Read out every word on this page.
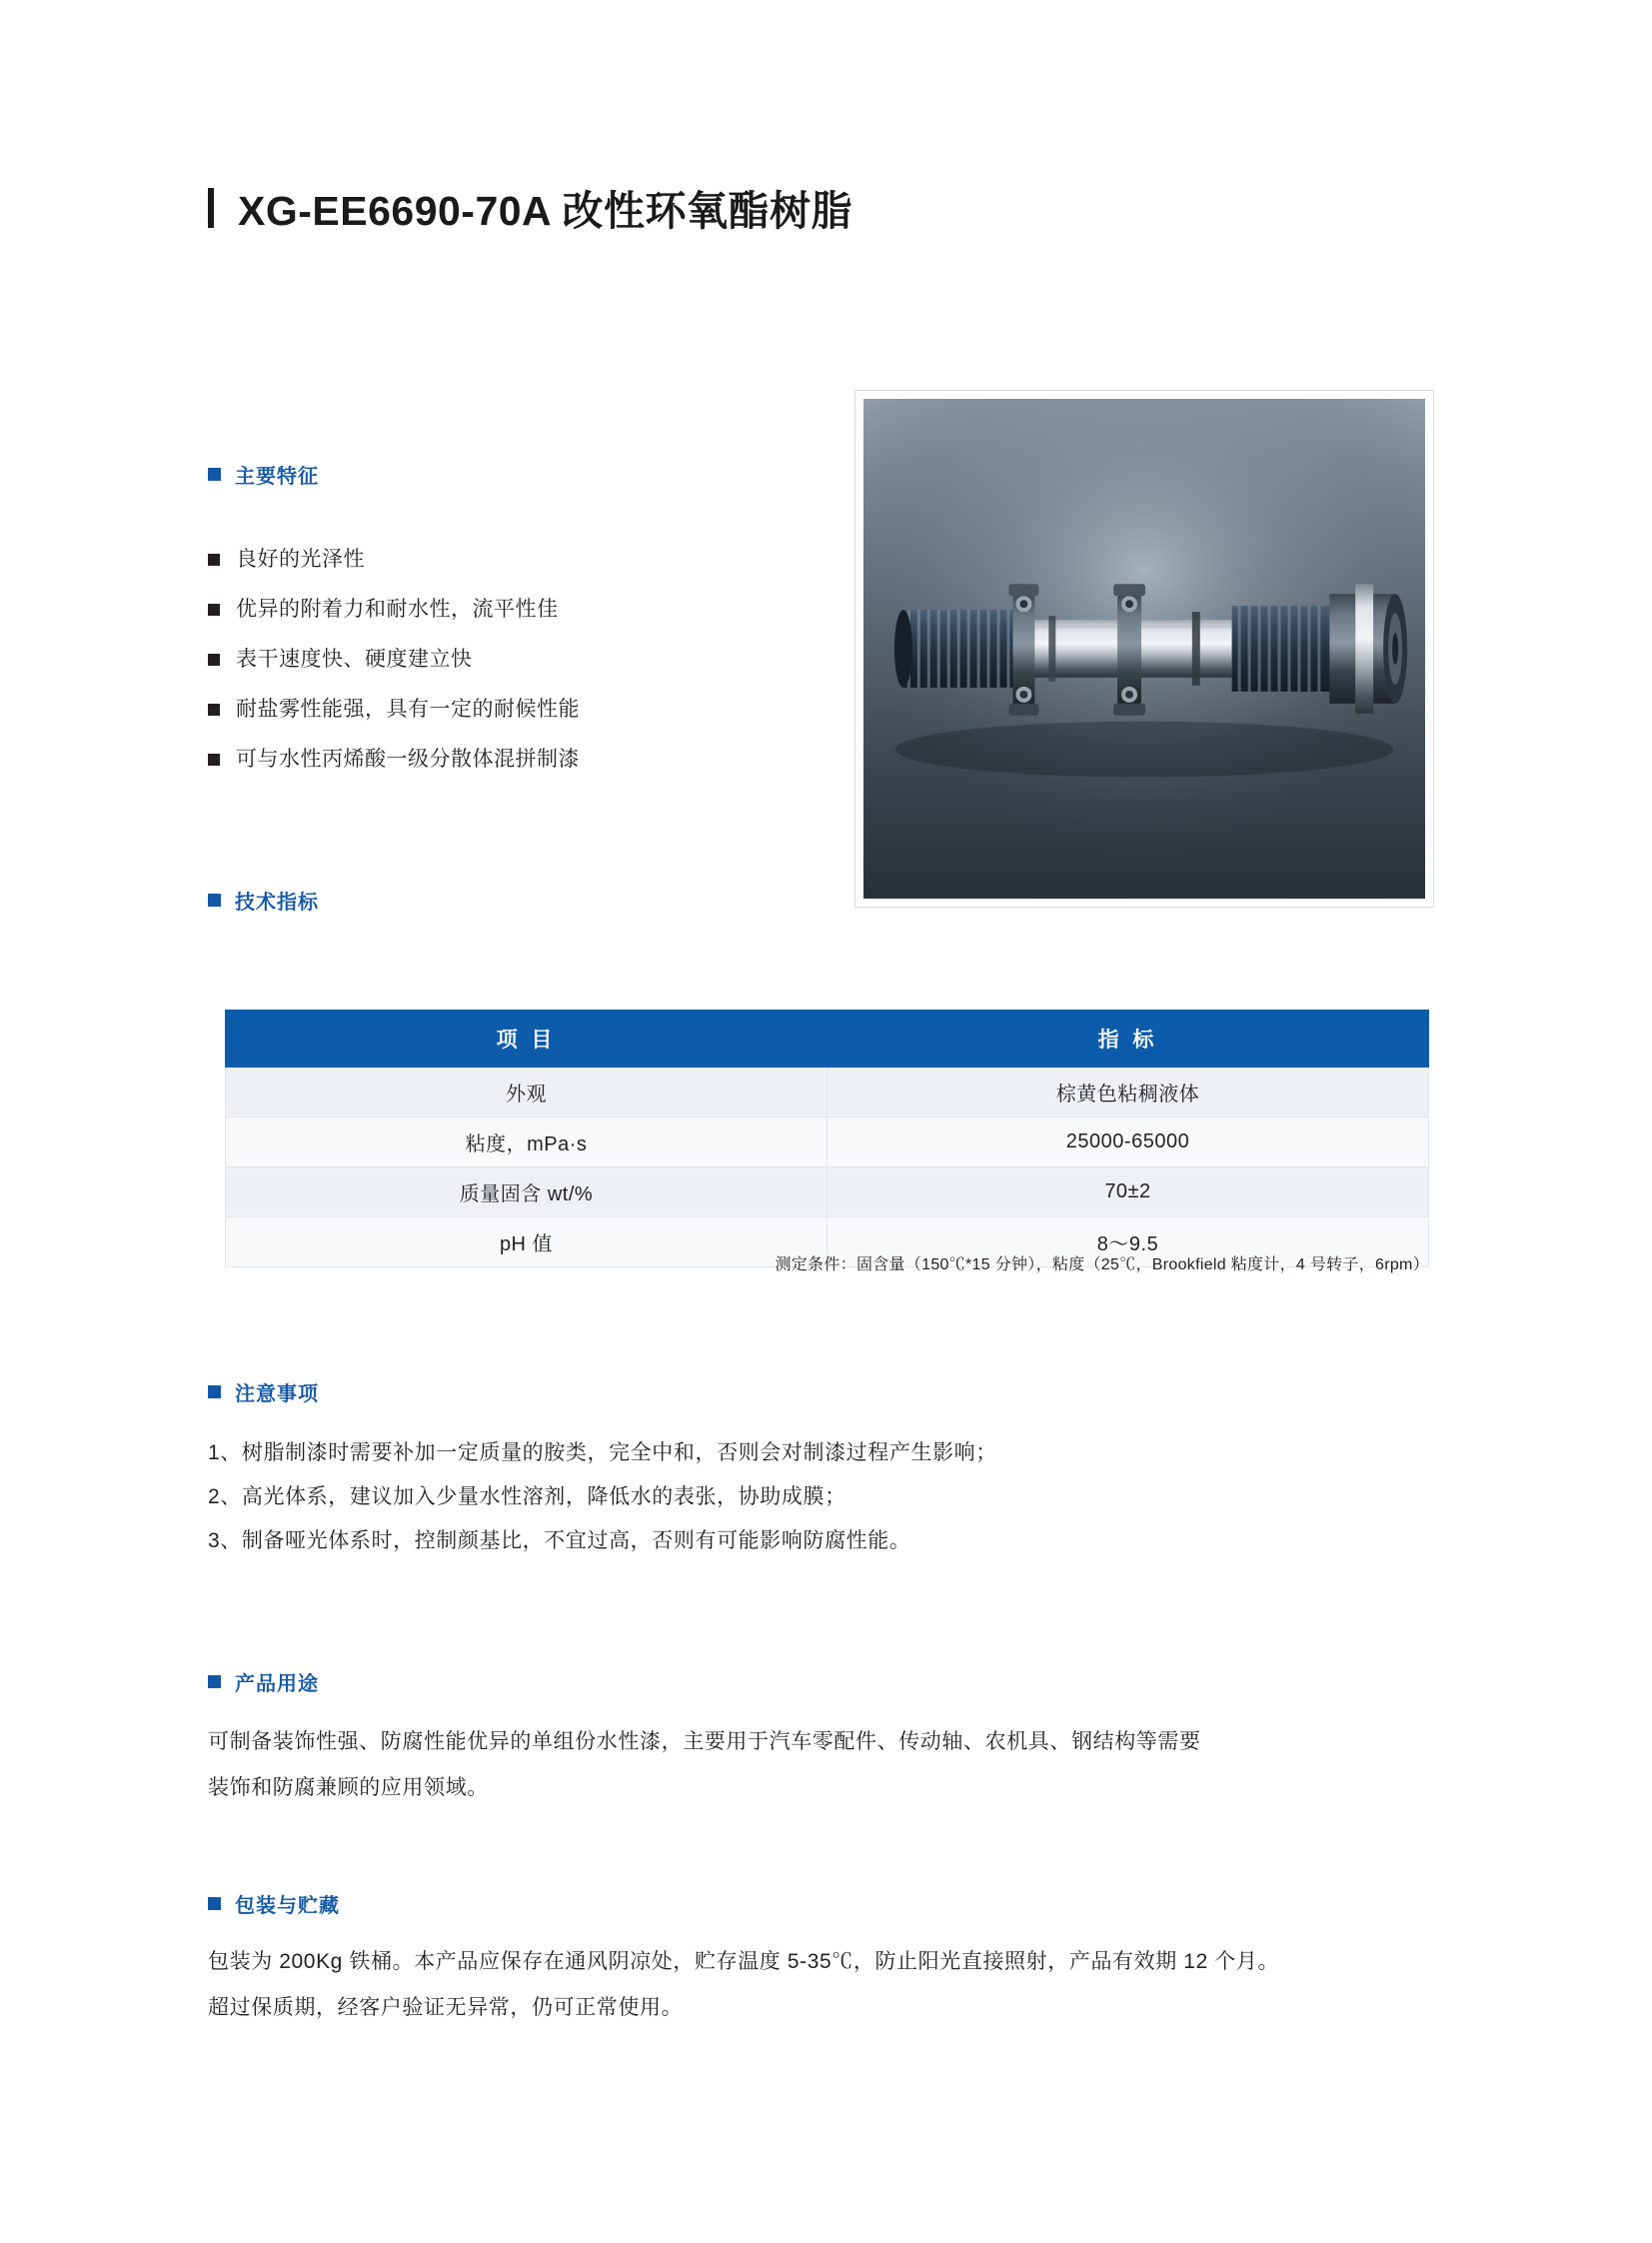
XG-EE6690-70A 改性环氧酯树脂
主要特征
良好的光泽性
优异的附着力和耐水性，流平性佳
表干速度快、硬度建立快
耐盐雾性能强，具有一定的耐候性能
可与水性丙烯酸一级分散体混拼制漆
技术指标
项 目	指 标
外观	棕黄色粘稠液体
粘度，mPa·s	25000-65000
质量固含 wt/%	70±2
pH 值	8～9.5
测定条件：固含量（150℃*15 分钟），粘度（25℃，Brookfield 粘度计，4 号转子，6rpm）
注意事项
1、树脂制漆时需要补加一定质量的胺类，完全中和，否则会对制漆过程产生影响；
2、高光体系，建议加入少量水性溶剂，降低水的表张，协助成膜；
3、制备哑光体系时，控制颜基比，不宜过高，否则有可能影响防腐性能。
产品用途
可制备装饰性强、防腐性能优异的单组份水性漆，主要用于汽车零配件、传动轴、农机具、钢结构等需要
装饰和防腐兼顾的应用领域。
包装与贮藏
包装为 200Kg 铁桶。本产品应保存在通风阴凉处，贮存温度 5-35℃，防止阳光直接照射，产品有效期 12 个月。
超过保质期，经客户验证无异常，仍可正常使用。
